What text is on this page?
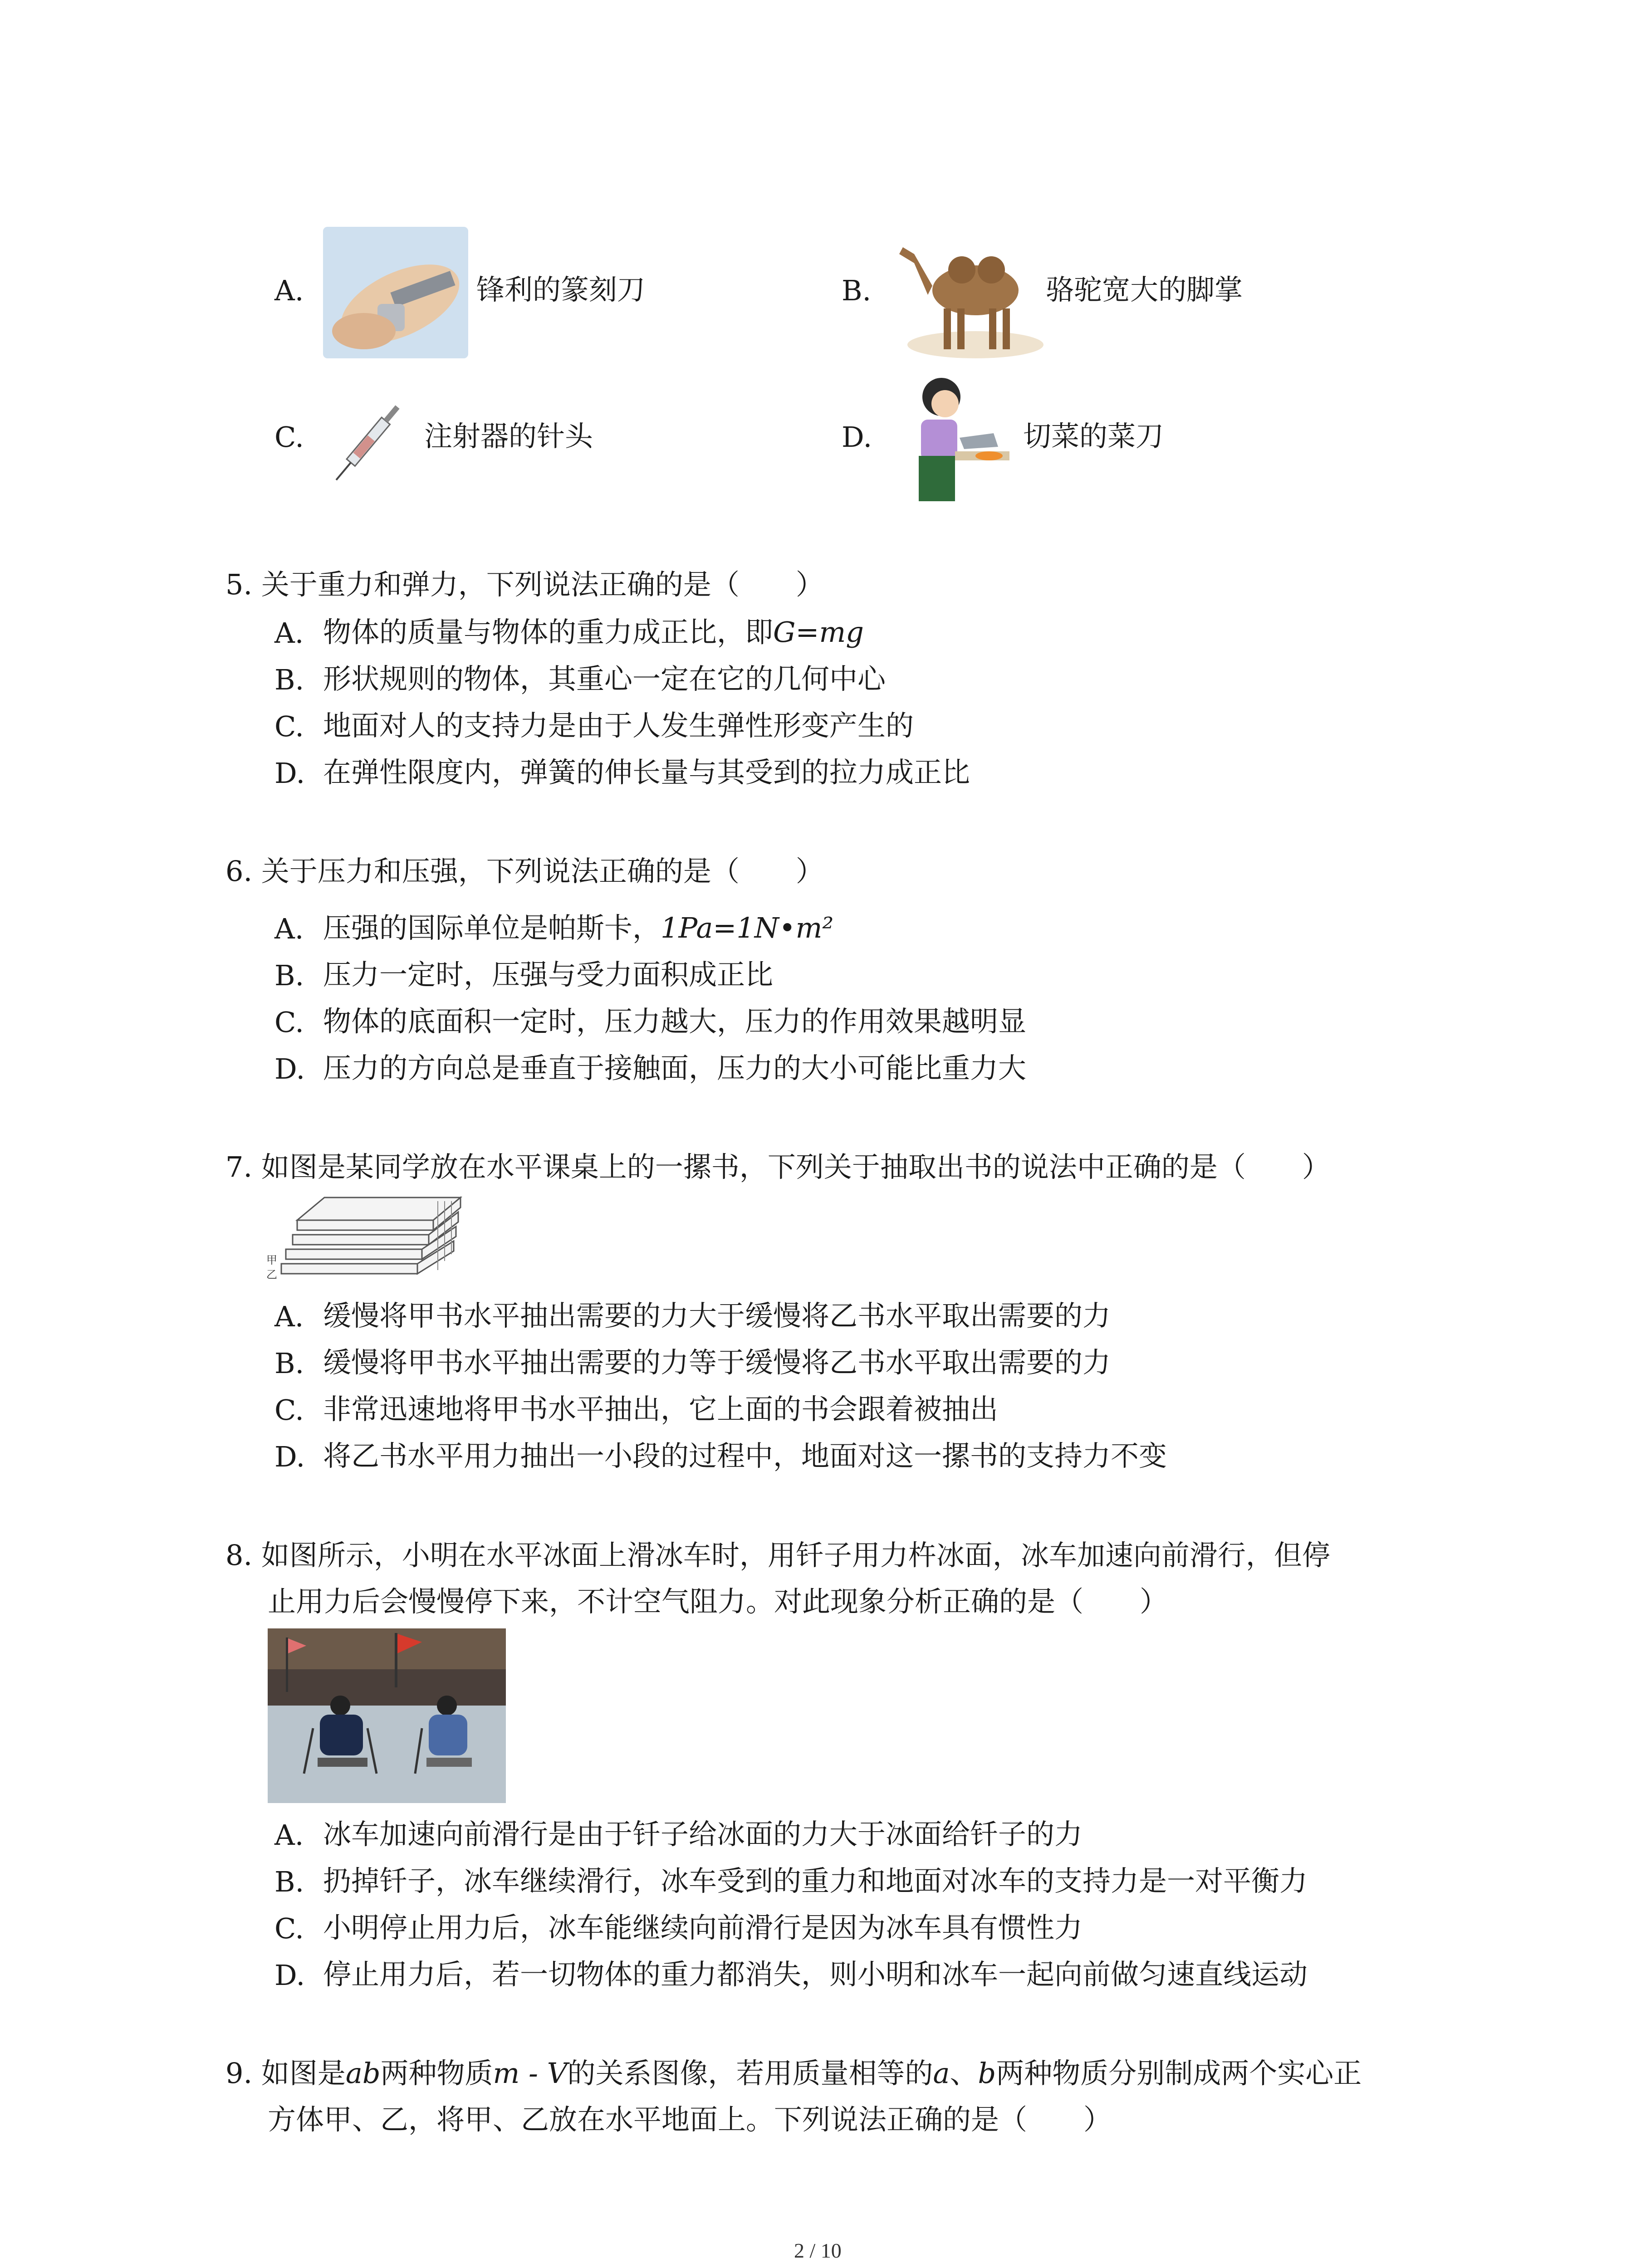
A.	锋利的篆刻刀	B.	骆驼宽大的脚掌
C.	注射器的针头	D.	切菜的菜刀
5. 关于重力和弹力，下列说法正确的是（　　）
A. 物体的质量与物体的重力成正比，即G=mg
B. 形状规则的物体，其重心一定在它的几何中心
C. 地面对人的支持力是由于人发生弹性形变产生的
D. 在弹性限度内，弹簧的伸长量与其受到的拉力成正比
6. 关于压力和压强，下列说法正确的是（　　）
A. 压强的国际单位是帕斯卡，1Pa=1N•m²
B. 压力一定时，压强与受力面积成正比
C. 物体的底面积一定时，压力越大，压力的作用效果越明显
D. 压力的方向总是垂直于接触面，压力的大小可能比重力大
7. 如图是某同学放在水平课桌上的一摞书，下列关于抽取出书的说法中正确的是（　　）
甲
乙
A. 缓慢将甲书水平抽出需要的力大于缓慢将乙书水平取出需要的力
B. 缓慢将甲书水平抽出需要的力等于缓慢将乙书水平取出需要的力
C. 非常迅速地将甲书水平抽出，它上面的书会跟着被抽出
D. 将乙书水平用力抽出一小段的过程中，地面对这一摞书的支持力不变
8. 如图所示，小明在水平冰面上滑冰车时，用钎子用力杵冰面，冰车加速向前滑行，但停
止用力后会慢慢停下来，不计空气阻力。对此现象分析正确的是（　　）
A. 冰车加速向前滑行是由于钎子给冰面的力大于冰面给钎子的力
B. 扔掉钎子，冰车继续滑行，冰车受到的重力和地面对冰车的支持力是一对平衡力
C. 小明停止用力后，冰车能继续向前滑行是因为冰车具有惯性力
D. 停止用力后，若一切物体的重力都消失，则小明和冰车一起向前做匀速直线运动
9. 如图是ab两种物质m - V的关系图像，若用质量相等的a、b两种物质分别制成两个实心正
方体甲、乙，将甲、乙放在水平地面上。下列说法正确的是（　　）
2 / 10
